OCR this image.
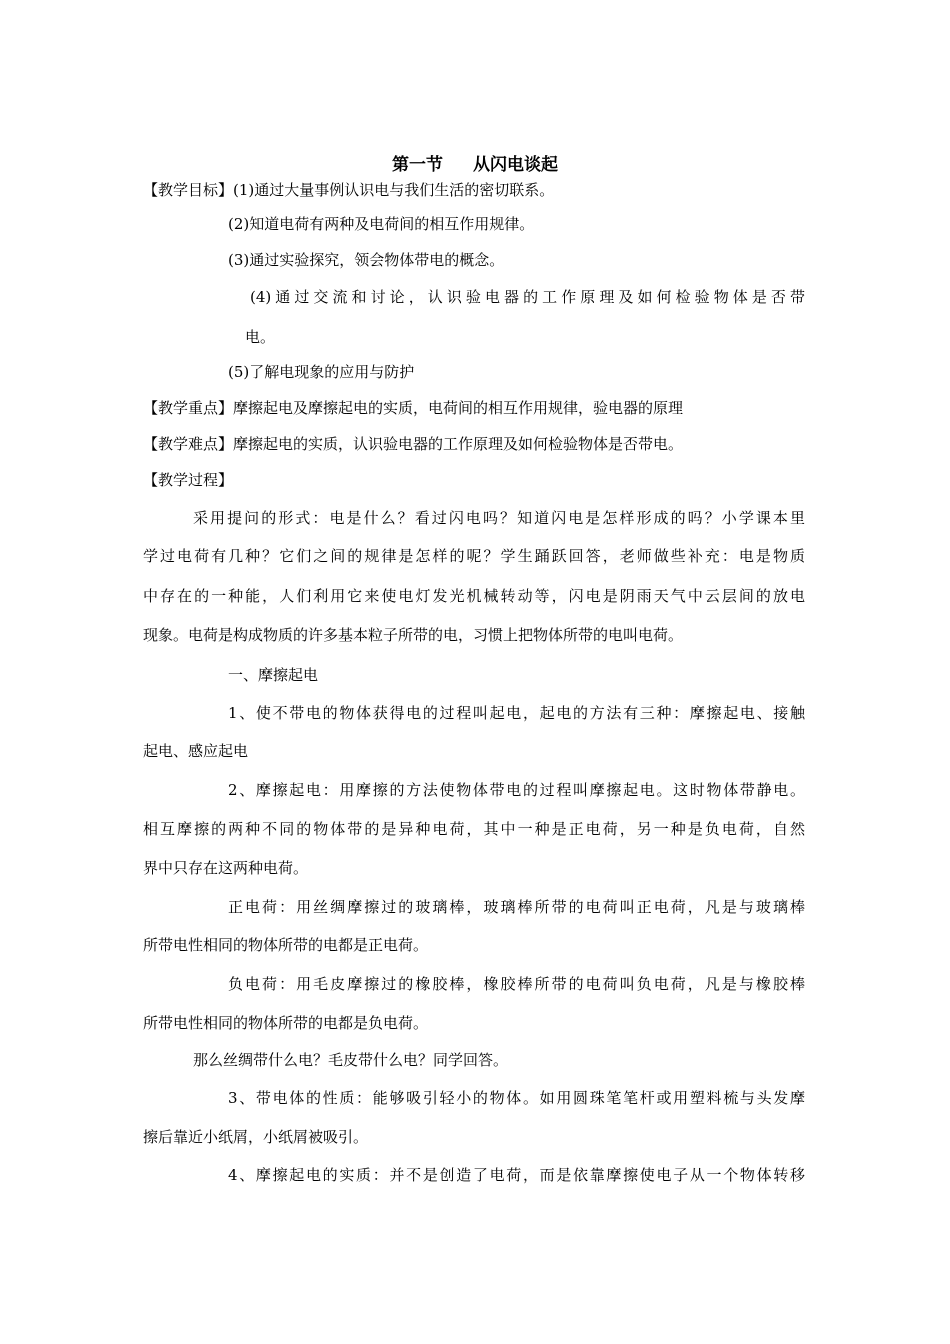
第一节 从闪电谈起
【教学目标】(1)通过大量事例认识电与我们生活的密切联系。
(2)知道电荷有两种及电荷间的相互作用规律。
(3)通过实验探究，领会物体带电的概念。
(4)通过交流和讨论，认识验电器的工作原理及如何检验物体是否带
电。
(5)了解电现象的应用与防护
【教学重点】摩擦起电及摩擦起电的实质，电荷间的相互作用规律，验电器的原理
【教学难点】摩擦起电的实质，认识验电器的工作原理及如何检验物体是否带电。
【教学过程】
采用提问的形式：电是什么？看过闪电吗？知道闪电是怎样形成的吗？小学课本里
学过电荷有几种？它们之间的规律是怎样的呢？学生踊跃回答，老师做些补充：电是物质
中存在的一种能，人们利用它来使电灯发光机械转动等，闪电是阴雨天气中云层间的放电
现象。电荷是构成物质的许多基本粒子所带的电，习惯上把物体所带的电叫电荷。
一、摩擦起电
1、使不带电的物体获得电的过程叫起电，起电的方法有三种：摩擦起电、接触
起电、感应起电
2、摩擦起电：用摩擦的方法使物体带电的过程叫摩擦起电。这时物体带静电。
相互摩擦的两种不同的物体带的是异种电荷，其中一种是正电荷，另一种是负电荷，自然
界中只存在这两种电荷。
正电荷：用丝绸摩擦过的玻璃棒，玻璃棒所带的电荷叫正电荷，凡是与玻璃棒
所带电性相同的物体所带的电都是正电荷。
负电荷：用毛皮摩擦过的橡胶棒，橡胶棒所带的电荷叫负电荷，凡是与橡胶棒
所带电性相同的物体所带的电都是负电荷。
那么丝绸带什么电？毛皮带什么电？同学回答。
3、带电体的性质：能够吸引轻小的物体。如用圆珠笔笔杆或用塑料梳与头发摩
擦后靠近小纸屑，小纸屑被吸引。
4、摩擦起电的实质：并不是创造了电荷，而是依靠摩擦使电子从一个物体转移
